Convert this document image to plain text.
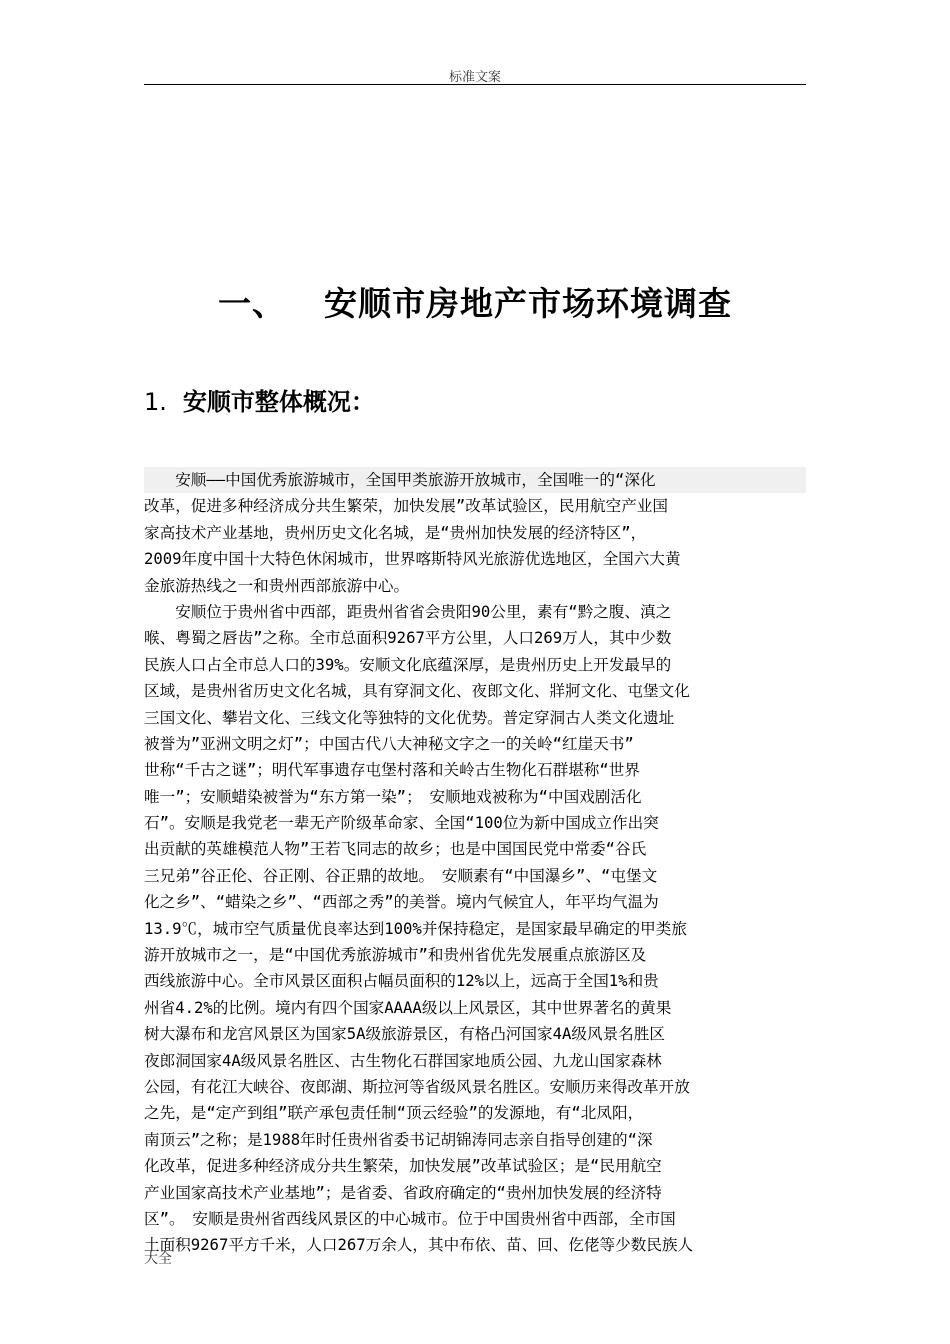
标准文案
一、 安顺市房地产市场环境调查
1. 安顺市整体概况：
　　安顺——中国优秀旅游城市，全国甲类旅游开放城市，全国唯一的“深化
改革，促进多种经济成分共生繁荣，加快发展”改革试验区，民用航空产业国
家高技术产业基地，贵州历史文化名城，是“贵州加快发展的经济特区”，
2009年度中国十大特色休闲城市，世界喀斯特风光旅游优选地区，全国六大黄
金旅游热线之一和贵州西部旅游中心。
　　安顺位于贵州省中西部，距贵州省省会贵阳90公里，素有“黔之腹、滇之
喉、粤蜀之唇齿”之称。全市总面积9267平方公里，人口269万人，其中少数
民族人口占全市总人口的39%。安顺文化底蕴深厚，是贵州历史上开发最早的
区域，是贵州省历史文化名城，具有穿洞文化、夜郎文化、牂牁文化、屯堡文化
三国文化、攀岩文化、三线文化等独特的文化优势。普定穿洞古人类文化遗址
被誉为”亚洲文明之灯”；中国古代八大神秘文字之一的关岭“红崖天书”
世称“千古之谜”；明代军事遗存屯堡村落和关岭古生物化石群堪称“世界
唯一”；安顺蜡染被誉为“东方第一染”；　安顺地戏被称为“中国戏剧活化
石”。安顺是我党老一辈无产阶级革命家、全国“100位为新中国成立作出突
出贡献的英雄模范人物”王若飞同志的故乡；也是中国国民党中常委“谷氏
三兄弟”谷正伦、谷正刚、谷正鼎的故地。　安顺素有“中国瀑乡”、“屯堡文
化之乡”、“蜡染之乡”、“西部之秀”的美誉。境内气候宜人，年平均气温为
13.9℃，城市空气质量优良率达到100%并保持稳定，是国家最早确定的甲类旅
游开放城市之一，是“中国优秀旅游城市”和贵州省优先发展重点旅游区及
西线旅游中心。全市风景区面积占幅员面积的12%以上，远高于全国1%和贵
州省4.2%的比例。境内有四个国家AAAA级以上风景区，其中世界著名的黄果
树大瀑布和龙宫风景区为国家5A级旅游景区，有格凸河国家4A级风景名胜区
夜郎洞国家4A级风景名胜区、古生物化石群国家地质公园、九龙山国家森林
公园，有花江大峡谷、夜郎湖、斯拉河等省级风景名胜区。安顺历来得改革开放
之先，是“定产到组”联产承包责任制“顶云经验”的发源地，有“北凤阳，
南顶云”之称；是1988年时任贵州省委书记胡锦涛同志亲自指导创建的“深
化改革，促进多种经济成分共生繁荣，加快发展”改革试验区；是“民用航空
产业国家高技术产业基地”；是省委、省政府确定的“贵州加快发展的经济特
区”。　安顺是贵州省西线风景区的中心城市。位于中国贵州省中西部，全市国
土面积9267平方千米，人口267万余人，其中布依、苗、回、仡佬等少数民族人
大全
